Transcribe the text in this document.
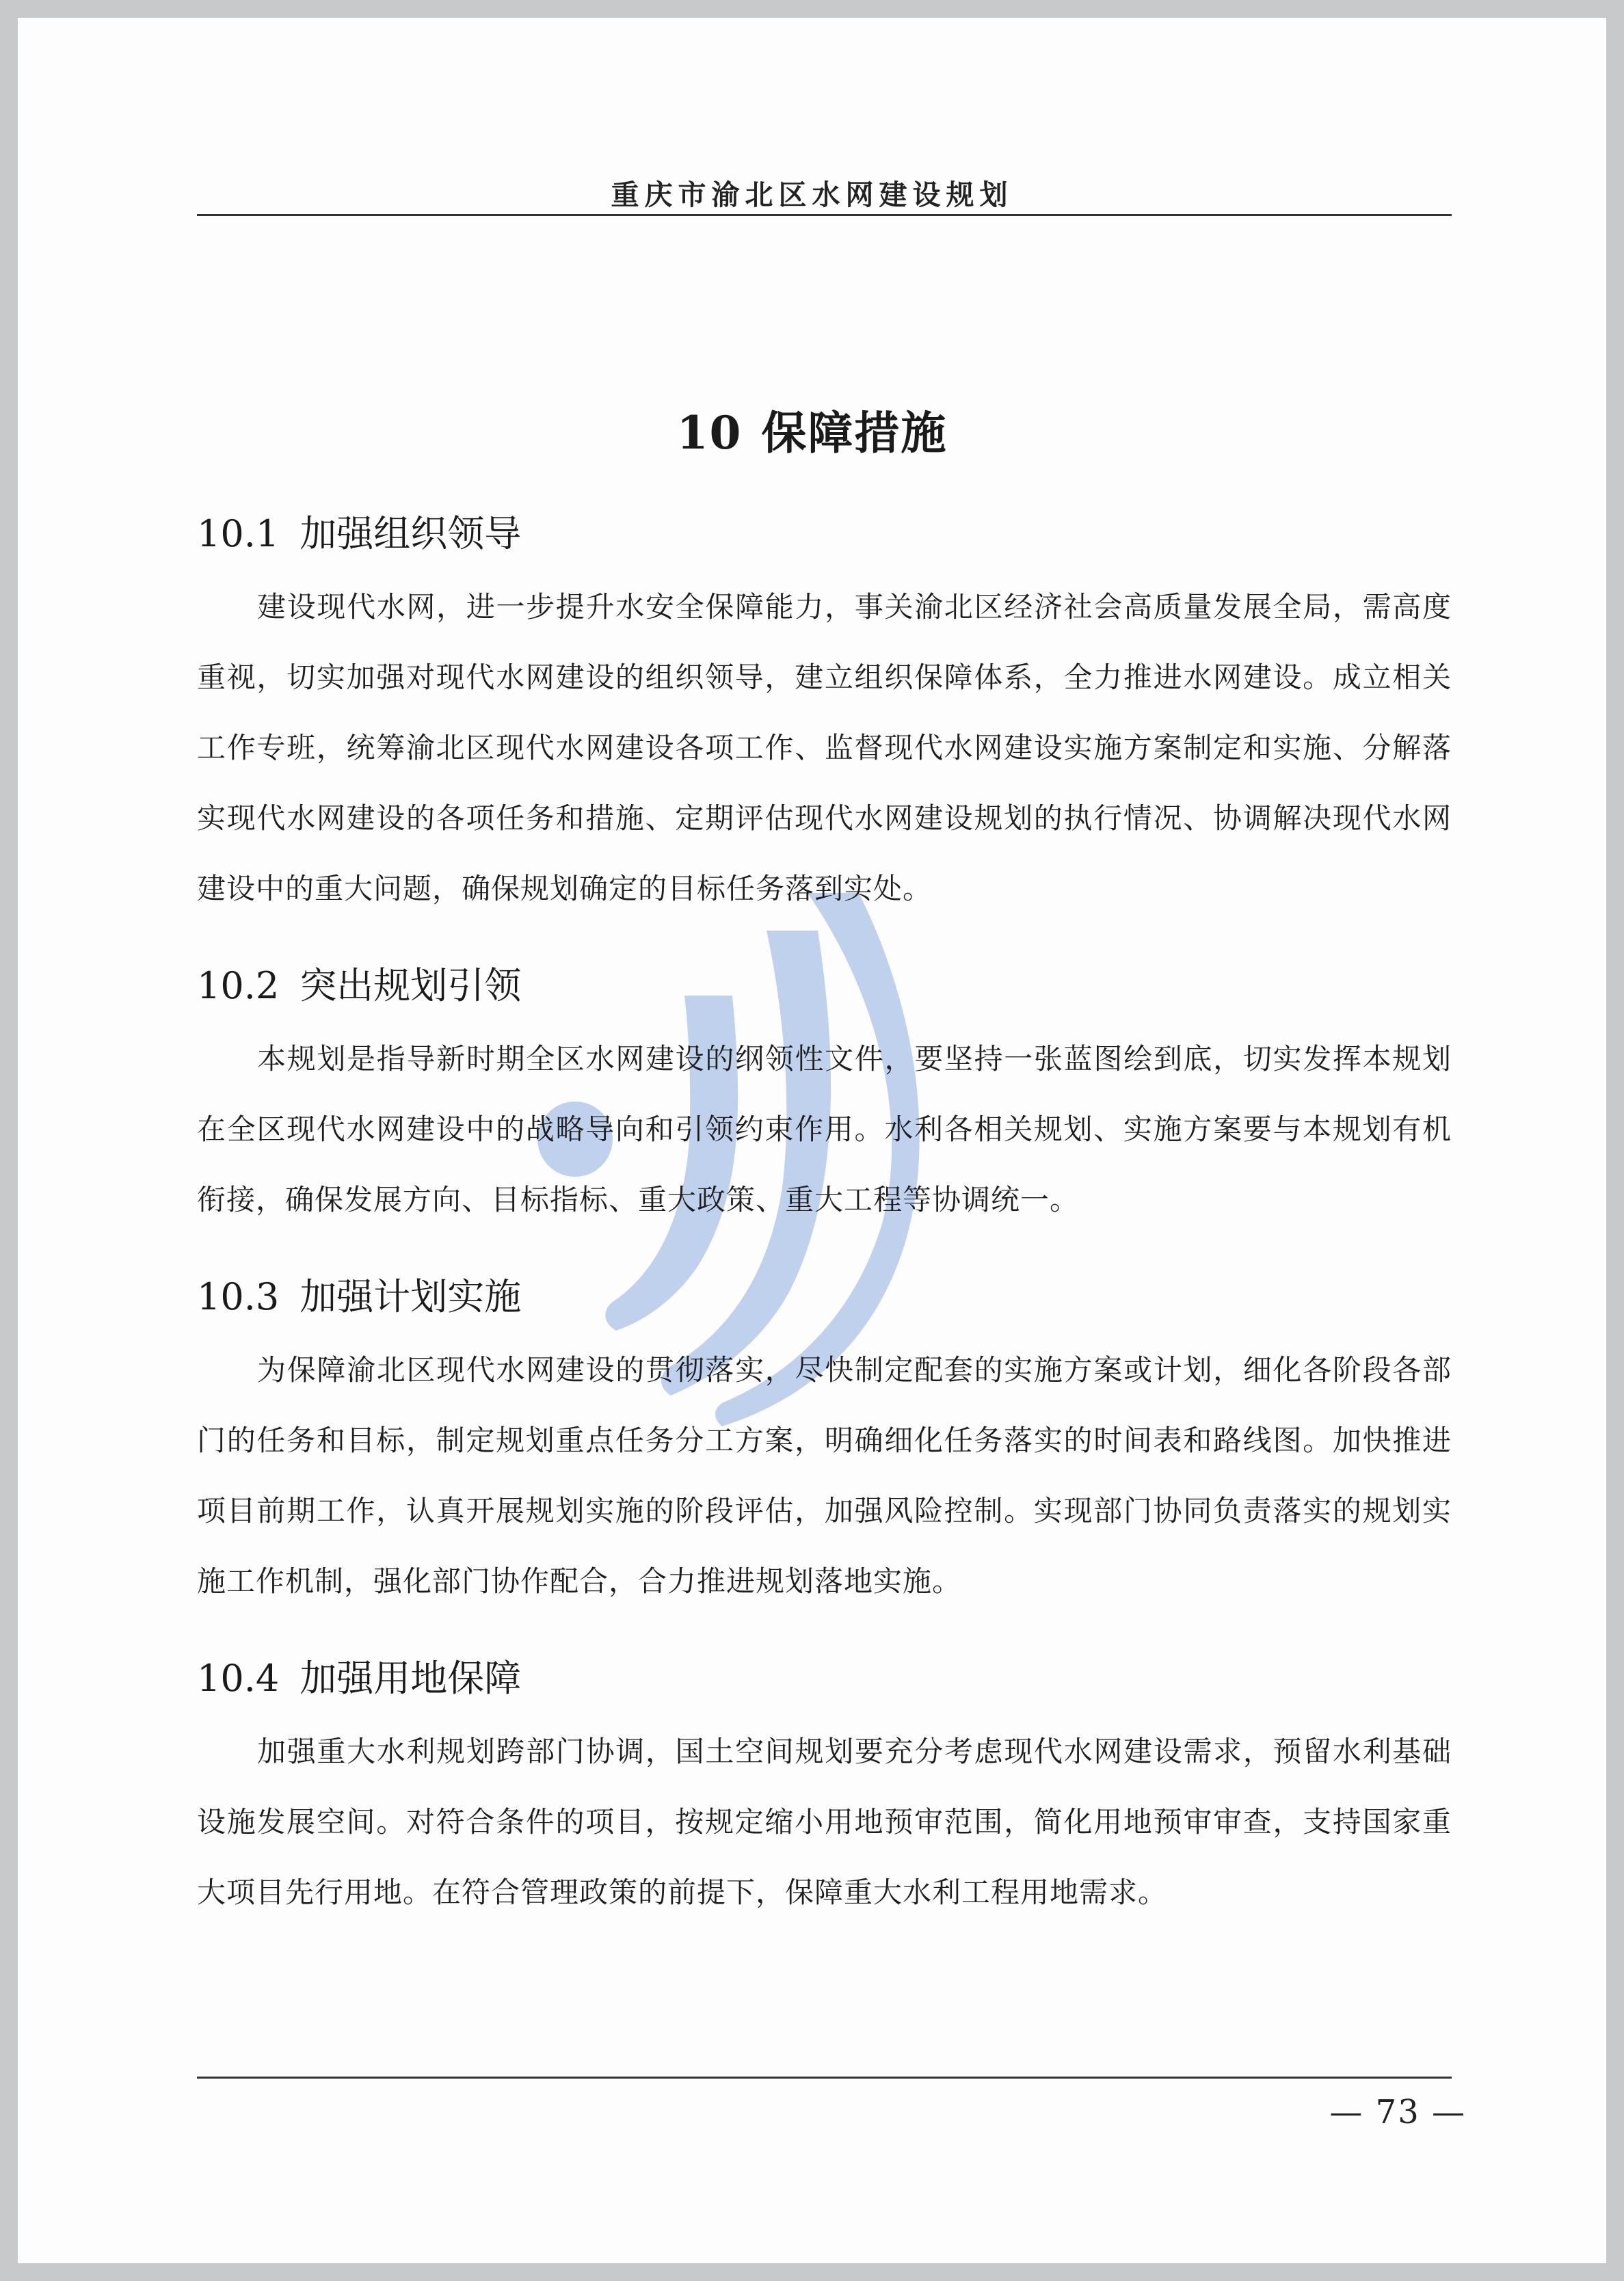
重庆市渝北区水网建设规划
10 保障措施
10.1 加强组织领导

建设现代水网，进一步提升水安全保障能力，事关渝北区经济社会高质量发展全局，需高度重视，切实加强对现代水网建设的组织领导，建立组织保障体系，全力推进水网建设。成立相关工作专班，统筹渝北区现代水网建设各项工作、监督现代水网建设实施方案制定和实施、分解落实现代水网建设的各项任务和措施、定期评估现代水网建设规划的执行情况、协调解决现代水网建设中的重大问题，确保规划确定的目标任务落到实处。

10.2 突出规划引领

本规划是指导新时期全区水网建设的纲领性文件，要坚持一张蓝图绘到底，切实发挥本规划在全区现代水网建设中的战略导向和引领约束作用。水利各相关规划、实施方案要与本规划有机衔接，确保发展方向、目标指标、重大政策、重大工程等协调统一。

10.3 加强计划实施

为保障渝北区现代水网建设的贯彻落实，尽快制定配套的实施方案或计划，细化各阶段各部门的任务和目标，制定规划重点任务分工方案，明确细化任务落实的时间表和路线图。加快推进项目前期工作，认真开展规划实施的阶段评估，加强风险控制。实现部门协同负责落实的规划实施工作机制，强化部门协作配合，合力推进规划落地实施。

10.4 加强用地保障

加强重大水利规划跨部门协调，国土空间规划要充分考虑现代水网建设需求，预留水利基础设施发展空间。对符合条件的项目，按规定缩小用地预审范围，简化用地预审审查，支持国家重大项目先行用地。在符合管理政策的前提下，保障重大水利工程用地需求。

— 73 —
